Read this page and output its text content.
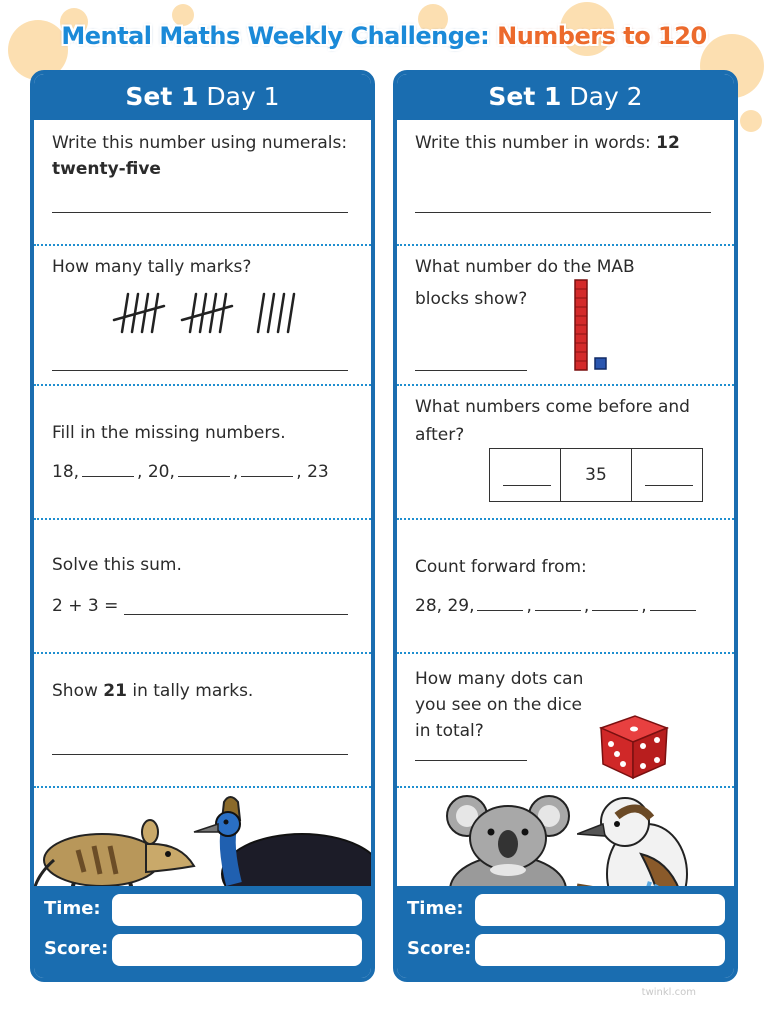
Mental Maths Weekly Challenge: Numbers to 120
Set 1 Day 1
Write this number using numerals: twenty-five
How many tally marks?
Fill in the missing numbers.
18,	, 20,	,	, 23
Solve this sum.
2 + 3 =
Show 21 in tally marks.
Time:
Score:
Set 1 Day 2
Write this number in words: 12
What number do the MAB
blocks show?
What numbers come before and
after?
35
Count forward from:
28, 29,	,	,	,
How many dots can you see on the dice in total?
Time:
Score:
twinkl.com
